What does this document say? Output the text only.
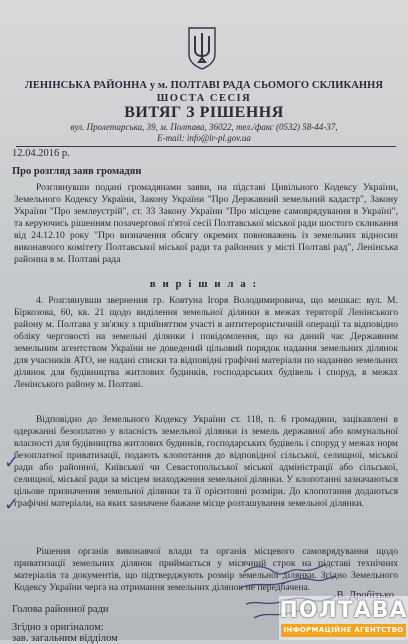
ЛЕНІНСЬКА РАЙОННА у м. ПОЛТАВІ РАДА СЬОМОГО СКЛИКАННЯ
ШОСТА СЕСІЯ
ВИТЯГ З РІШЕННЯ
вул. Пролетарська, 39, м. Полтава, 36022, тел./факс (0532) 58-44-37,
E-mail: info@lr-pl.gov.ua
12.04.2016 р.
Про розгляд заяв громадян

Розглянувши подані громадянами заяви, на підставі Цивільного Кодексу України, Земельного Кодексу України, Закону України "Про Державний земельний кадастр", Закону України "Про землеустрій", ст. 33 Закону України "Про місцеве самоврядування в Україні", та керуючись рішенням позачергової п'ятої сесії Полтавської міської ради шостого скликання від 24.12.10 року "Про визначення обсягу окремих повноважень із земельних відносин виконавчого комітету Полтавської міської ради та районних у місті Полтаві рад", Ленінська районна в м. Полтаві рада

в и р і ш и л а :

4. Розглянувши звернення гр. Ковтуна Ігоря Володимировича, що мешкає: вул. М. Біркозова, 60, кв. 21 щодо виділення земельної ділянки в межах території Ленінського району м. Полтава у зв'язку з прийняттям участі в антитерористичній операції та відповідно обліку черговості на земельні ділянки і повідомлення, що на даний час Державним земельним агентством України не доведений цільовий порядок надання земельних ділянок для учасників АТО, не надані списки та відповідні графічні матеріали по наданню земельних ділянок для будівництва житлових будинків, господарських будівель і споруд, в межах Ленінського району м. Полтаві.

Відповідно до Земельного Кодексу України ст. 118, п. 6 громадяни, зацікавлені в одержанні безоплатно у власність земельної ділянки із земель державної або комунальної власності для будівництва житлових будинків, господарських будівель і споруд у межах норм безоплатної приватизації, подають клопотання до відповідної сільської, селищної, міської ради або районної, Київської чи Севастопольської міської адміністрації або сільської, селищної, міської ради за місцем знаходження земельної ділянки. У клопотанні зазначаються цільове призначення земельної ділянки та її орієнтовні розміри. До клопотання додаються графічні матеріали, на яких зазначене бажане місце розташування земельної ділянки.

Рішення органів виконавчої влади та органів місцевого самоврядування щодо приватизації земельних ділянок приймається у місячний строк на підставі технічних матеріалів та документів, що підтверджують розмір земельної ділянки. Згідно Земельного Кодексу України черга на отримання земельних ділянок не передбачена.

✓
✓
Голова районної ради
Згідно з оригіналом:
зав. загальним відділом
ПОЛТАВА
ІНФОРМАЦІЙНЕ АГЕНТСТВО
